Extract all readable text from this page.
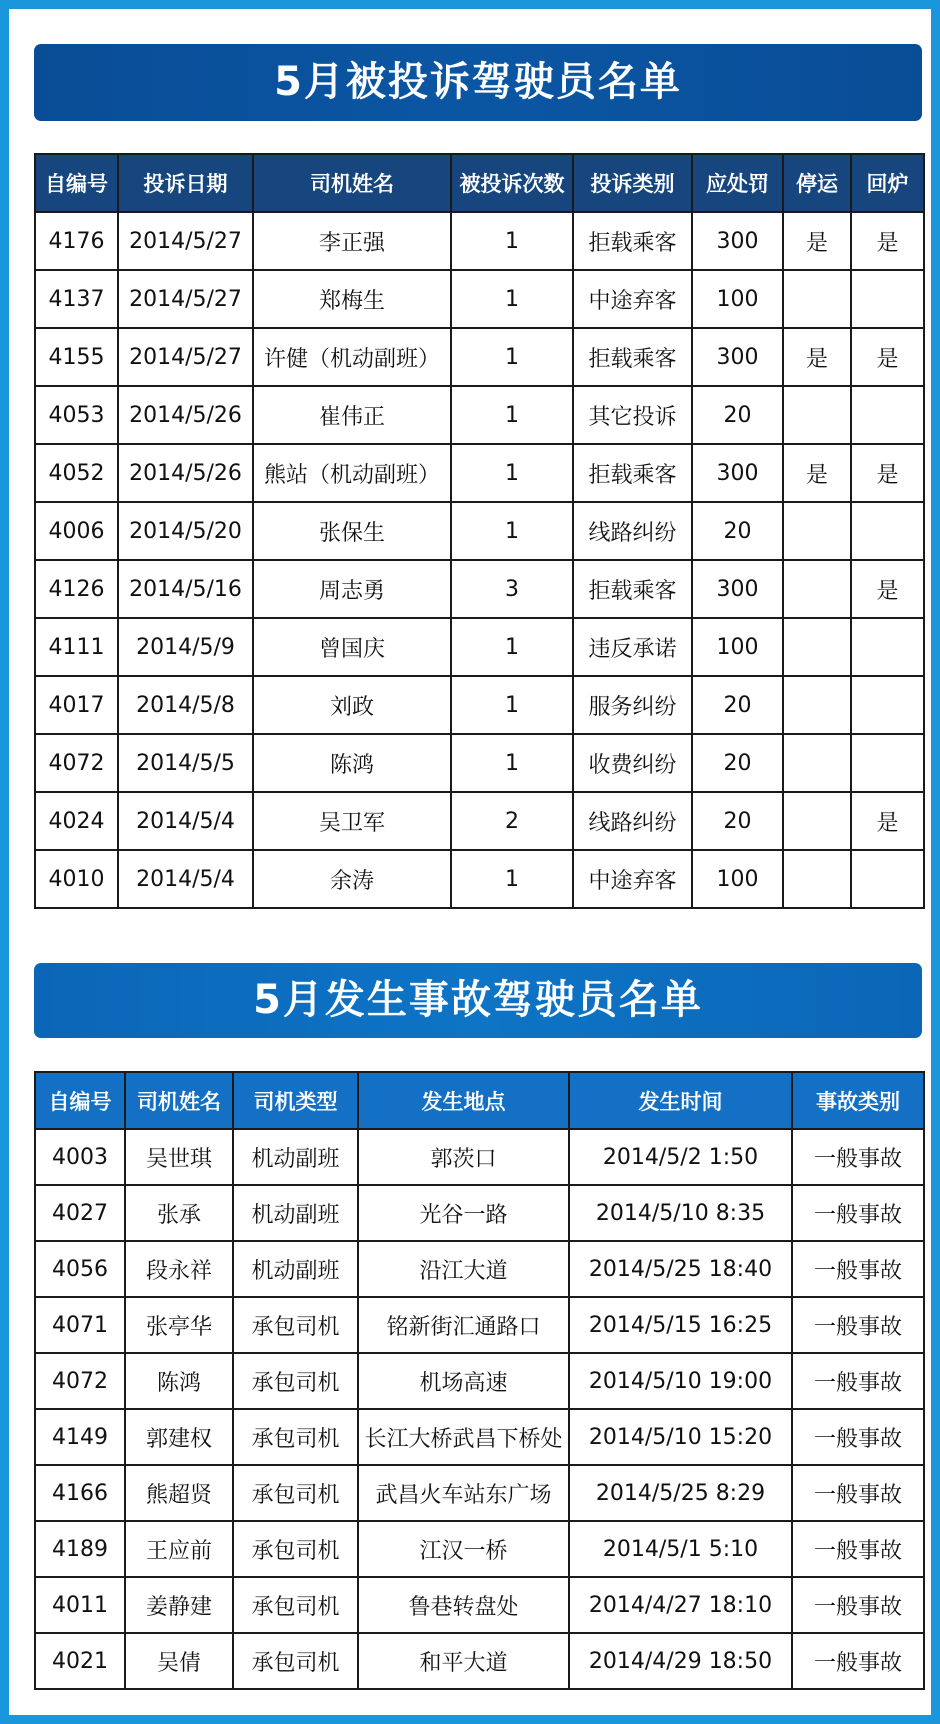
5月被投诉驾驶员名单
自编号	投诉日期	司机姓名	被投诉次数	投诉类别	应处罚	停运	回炉
4176	2014/5/27	李正强	1	拒载乘客	300	是	是
4137	2014/5/27	郑梅生	1	中途弃客	100		
4155	2014/5/27	许健（机动副班）	1	拒载乘客	300	是	是
4053	2014/5/26	崔伟正	1	其它投诉	20		
4052	2014/5/26	熊站（机动副班）	1	拒载乘客	300	是	是
4006	2014/5/20	张保生	1	线路纠纷	20		
4126	2014/5/16	周志勇	3	拒载乘客	300		是
4111	2014/5/9	曾国庆	1	违反承诺	100		
4017	2014/5/8	刘政	1	服务纠纷	20		
4072	2014/5/5	陈鸿	1	收费纠纷	20		
4024	2014/5/4	吴卫军	2	线路纠纷	20		是
4010	2014/5/4	余涛	1	中途弃客	100		
5月发生事故驾驶员名单
自编号	司机姓名	司机类型	发生地点	发生时间	事故类别
4003	吴世琪	机动副班	郭茨口	2014/5/2 1:50	一般事故
4027	张承	机动副班	光谷一路	2014/5/10 8:35	一般事故
4056	段永祥	机动副班	沿江大道	2014/5/25 18:40	一般事故
4071	张亭华	承包司机	铭新街汇通路口	2014/5/15 16:25	一般事故
4072	陈鸿	承包司机	机场高速	2014/5/10 19:00	一般事故
4149	郭建权	承包司机	长江大桥武昌下桥处	2014/5/10 15:20	一般事故
4166	熊超贤	承包司机	武昌火车站东广场	2014/5/25 8:29	一般事故
4189	王应前	承包司机	江汉一桥	2014/5/1 5:10	一般事故
4011	姜静建	承包司机	鲁巷转盘处	2014/4/27 18:10	一般事故
4021	吴倩	承包司机	和平大道	2014/4/29 18:50	一般事故
